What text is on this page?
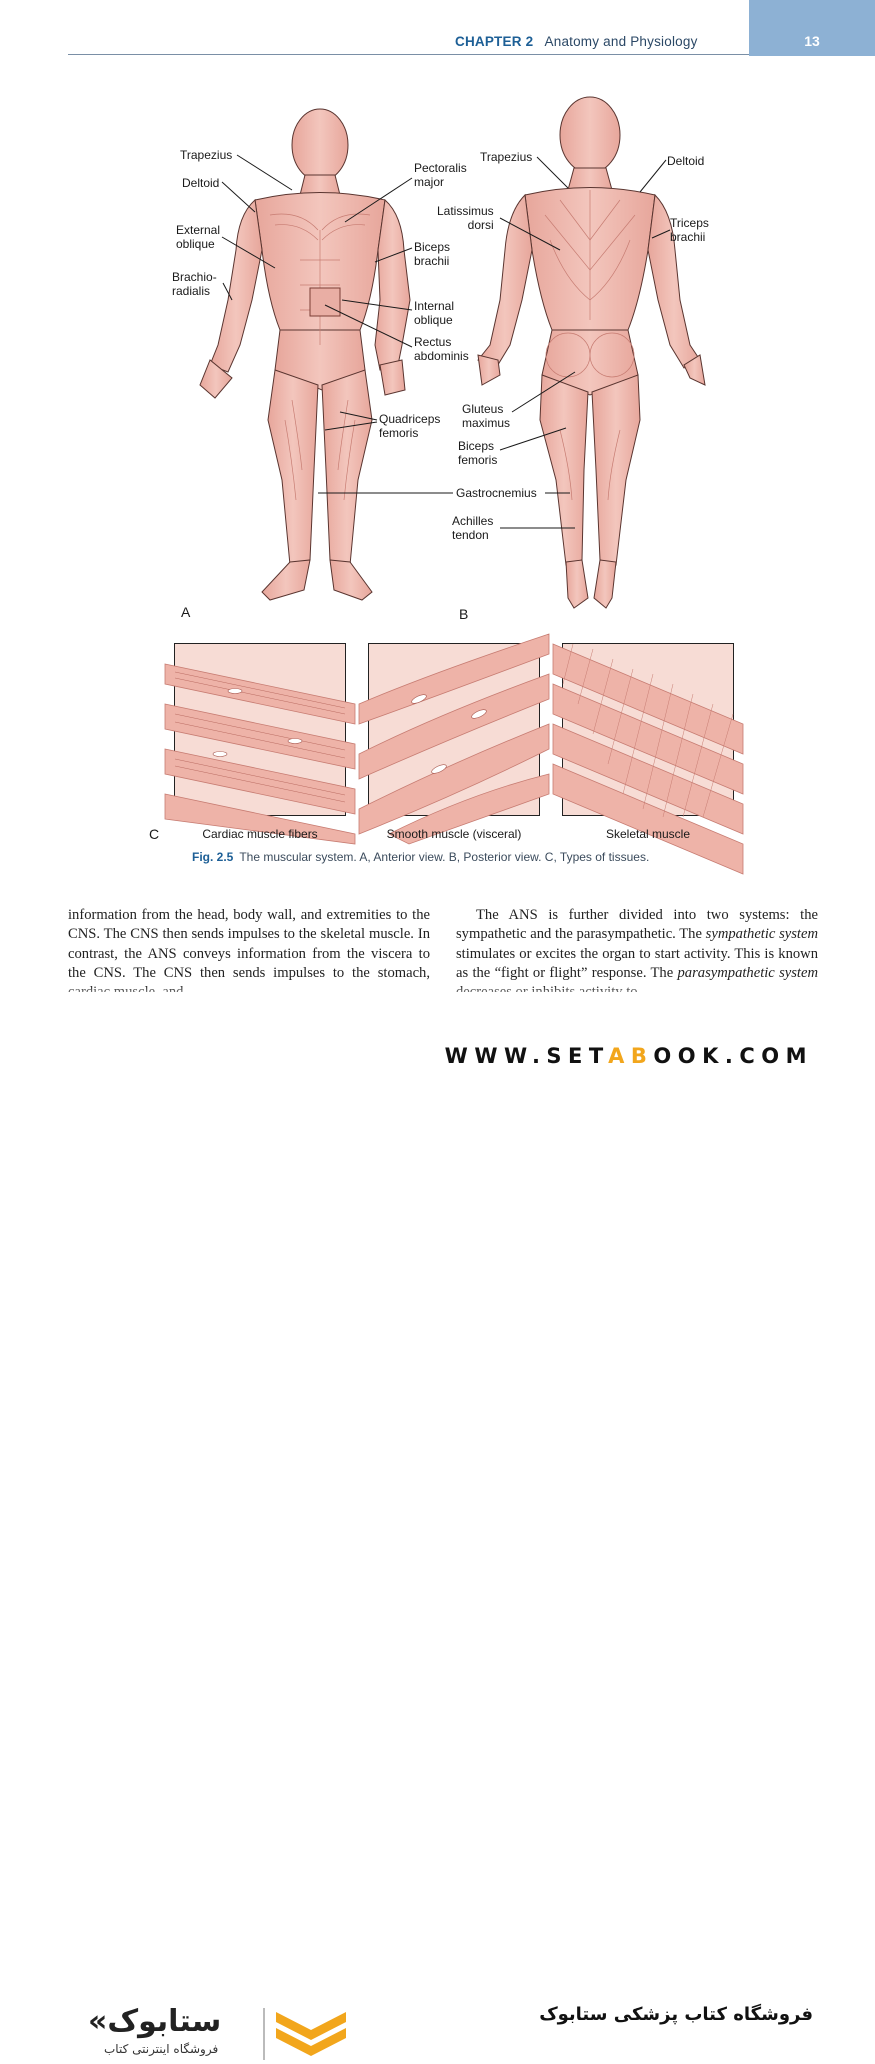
CHAPTER 2 Anatomy and Physiology	13
Trapezius
Deltoid
External
oblique
Brachio-
radialis
Pectoralis
major
Biceps
brachii
Internal
oblique
Rectus
abdominis
Quadriceps
femoris
Trapezius	Deltoid
Latissimus
dorsi	Triceps
brachii
Gluteus
maximus
Biceps
femoris
Gastrocnemius
Achilles
tendon
A	B
C	Cardiac muscle fibers	Smooth muscle (visceral)	Skeletal muscle
Fig. 2.5 The muscular system. A, Anterior view. B, Posterior view. C, Types of tissues.

information from the head, body wall, and extremities to the CNS. The CNS then sends impulses to the skeletal muscle. In contrast, the ANS conveys information from the viscera to the CNS. The CNS then sends impulses to the stomach,

The ANS is further divided into two systems: the sympathetic and the parasympathetic. The sympathetic system stimulates or excites the organ to start activity. This is known as the “fight or flight” response. The parasympathetic system

«ستابوک
فروشگاه اینترنتی کتاب
فروشگاه کتاب پزشکی ستابوک
WWW.SETABOOK.COM
